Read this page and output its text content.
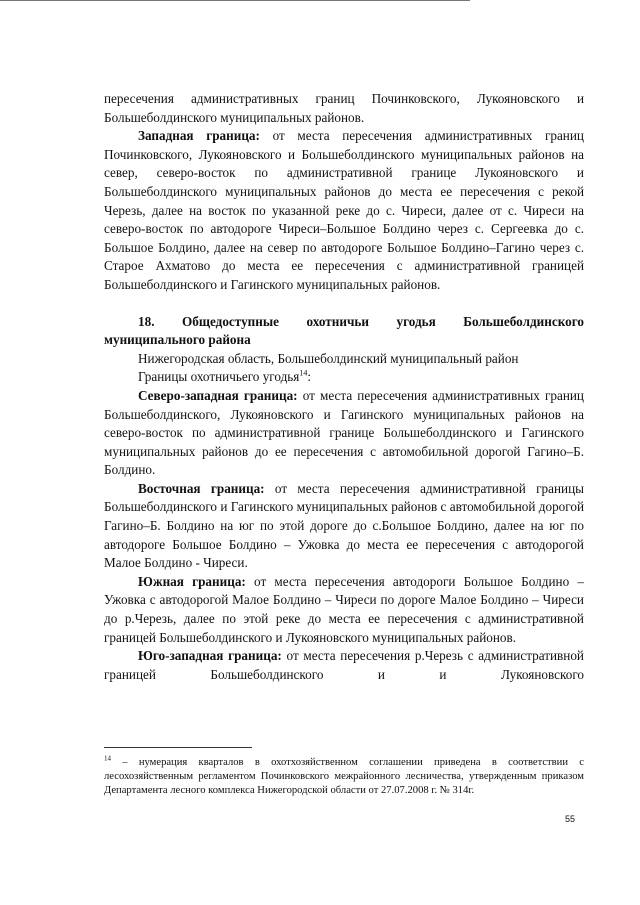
пересечения административных границ Починковского, Лукояновского и Большеболдинского муниципальных районов.

Западная граница: от места пересечения административных границ Починковского, Лукояновского и Большеболдинского муниципальных районов на север, северо-восток по административной границе Лукояновского и Большеболдинского муниципальных районов до места ее пересечения с рекой Черезь, далее на восток по указанной реке до с. Чиреси, далее от с. Чиреси на северо-восток по автодороге Чиреси–Большое Болдино через с. Сергеевка до с. Большое Болдино, далее на север по автодороге Большое Болдино–Гагино через с. Старое Ахматово до места ее пересечения с административной границей Большеболдинского и Гагинского муниципальных районов.

18. Общедоступные охотничьи угодья Большеболдинского

муниципального района

Нижегородская область, Большеболдинский муниципальный район

Границы охотничьего угодья$^{14}$:

Северо-западная граница: от места пересечения административных границ Большеболдинского, Лукояновского и Гагинского муниципальных районов на северо-восток по административной границе Большеболдинского и Гагинского муниципальных районов до ее пересечения с автомобильной дорогой Гагино–Б. Болдино.

Восточная граница: от места пересечения административной границы Большеболдинского и Гагинского муниципальных районов с автомобильной дорогой Гагино–Б. Болдино на юг по этой дороге до с.Большое Болдино, далее на юг по автодороге Большое Болдино – Ужовка до места ее пересечения с автодорогой Малое Болдино - Чиреси.

Южная граница: от места пересечения автодороги Большое Болдино – Ужовка с автодорогой Малое Болдино – Чиреси по дороге Малое Болдино – Чиреси до р.Черезь, далее по этой реке до места ее пересечения с административной границей Большеболдинского и Лукояновского муниципальных районов.

Юго-западная граница: от места пересечения р.Черезь с административной границей Большеболдинского и и Лукояновского

$^{14}$ – нумерация кварталов в охотхозяйственном соглашении приведена в соответствии с лесохозяйственным регламентом Починковского межрайонного лесничества, утвержденным приказом Департамента лесного комплекса Нижегородской области от 27.07.2008 г. № 314г.

55
